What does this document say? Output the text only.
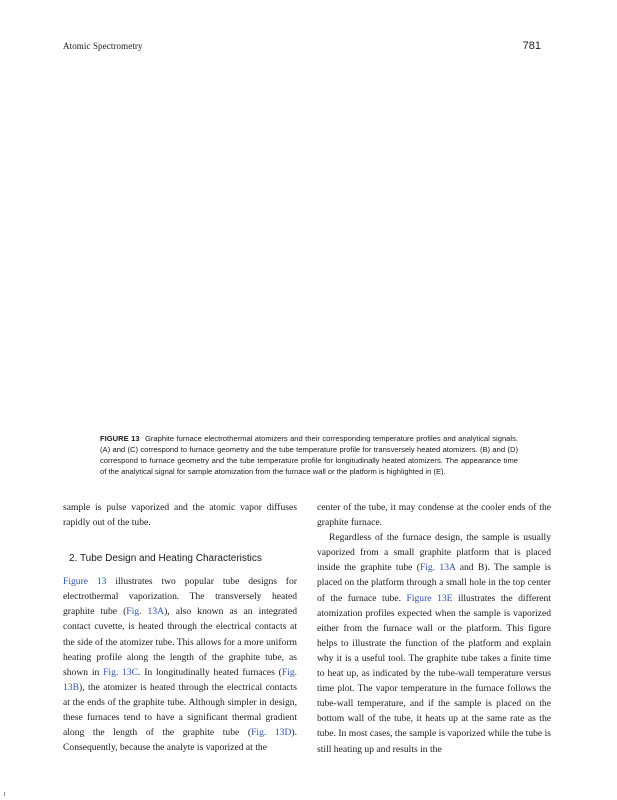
Atomic Spectrometry	781
FIGURE 13 Graphite furnace electrothermal atomizers and their corresponding temperature profiles and analytical signals. (A) and (C) correspond to furnace geometry and the tube temperature profile for transversely heated atomizers. (B) and (D) correspond to furnace geometry and the tube temperature profile for longitudinally heated atomizers. The appearance time of the analytical signal for sample atomization from the furnace wall or the platform is highlighted in (E).

sample is pulse vaporized and the atomic vapor diffuses rapidly out of the tube.

2. Tube Design and Heating Characteristics

Figure 13 illustrates two popular tube designs for electrothermal vaporization. The transversely heated graphite tube (Fig. 13A), also known as an integrated contact cuvette, is heated through the electrical contacts at the side of the atomizer tube. This allows for a more uniform heating profile along the length of the graphite tube, as shown in Fig. 13C. In longitudinally heated furnaces (Fig. 13B), the atomizer is heated through the electrical contacts at the ends of the graphite tube. Although simpler in design, these furnaces tend to have a significant thermal gradient along the length of the graphite tube (Fig. 13D). Consequently, because the analyte is vaporized at the

center of the tube, it may condense at the cooler ends of the graphite furnace.

Regardless of the furnace design, the sample is usually vaporized from a small graphite platform that is placed inside the graphite tube (Fig. 13A and B). The sample is placed on the platform through a small hole in the top center of the furnace tube. Figure 13E illustrates the different atomization profiles expected when the sample is vaporized either from the furnace wall or the platform. This figure helps to illustrate the function of the platform and explain why it is a useful tool. The graphite tube takes a finite time to heat up, as indicated by the tube-wall temperature versus time plot. The vapor temperature in the furnace follows the tube-wall temperature, and if the sample is placed on the bottom wall of the tube, it heats up at the same rate as the tube. In most cases, the sample is vaporized while the tube is still heating up and results in the
